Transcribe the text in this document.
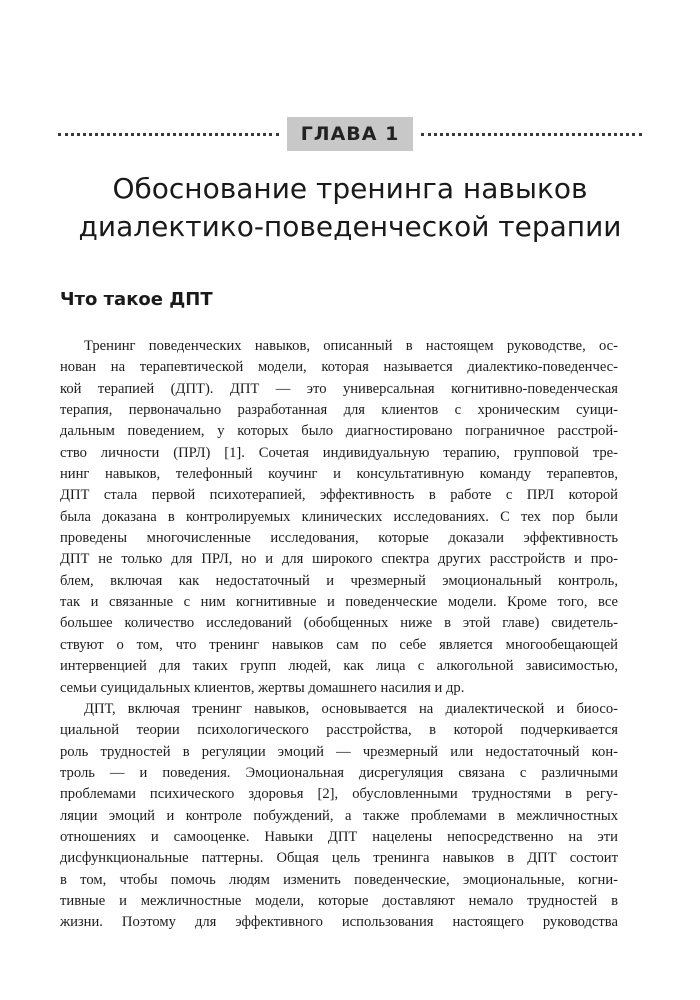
ГЛАВА 1
Обоснование тренинга навыков
диалектико-поведенческой терапии
Что такое ДПТ
Тренинг поведенческих навыков, описанный в настоящем руководстве, ос-
нован на терапевтической модели, которая называется диалектико-поведенчес-
кой терапией (ДПТ). ДПТ — это универсальная когнитивно-поведенческая
терапия, первоначально разработанная для клиентов с хроническим суици-
дальным поведением, у которых было диагностировано пограничное расстрой-
ство личности (ПРЛ) [1]. Сочетая индивидуальную терапию, групповой тре-
нинг навыков, телефонный коучинг и консультативную команду терапевтов,
ДПТ стала первой психотерапией, эффективность в работе с ПРЛ которой
была доказана в контролируемых клинических исследованиях. С тех пор были
проведены многочисленные исследования, которые доказали эффективность
ДПТ не только для ПРЛ, но и для широкого спектра других расстройств и про-
блем, включая как недостаточный и чрезмерный эмоциональный контроль,
так и связанные с ним когнитивные и поведенческие модели. Кроме того, все
большее количество исследований (обобщенных ниже в этой главе) свидетель-
ствуют о том, что тренинг навыков сам по себе является многообещающей
интервенцией для таких групп людей, как лица с алкогольной зависимостью,
семьи суицидальных клиентов, жертвы домашнего насилия и др.
ДПТ, включая тренинг навыков, основывается на диалектической и биосо-
циальной теории психологического расстройства, в которой подчеркивается
роль трудностей в регуляции эмоций — чрезмерный или недостаточный кон-
троль — и поведения. Эмоциональная дисрегуляция связана с различными
проблемами психического здоровья [2], обусловленными трудностями в регу-
ляции эмоций и контроле побуждений, а также проблемами в межличностных
отношениях и самооценке. Навыки ДПТ нацелены непосредственно на эти
дисфункциональные паттерны. Общая цель тренинга навыков в ДПТ состоит
в том, чтобы помочь людям изменить поведенческие, эмоциональные, когни-
тивные и межличностные модели, которые доставляют немало трудностей в
жизни. Поэтому для эффективного использования настоящего руководства
